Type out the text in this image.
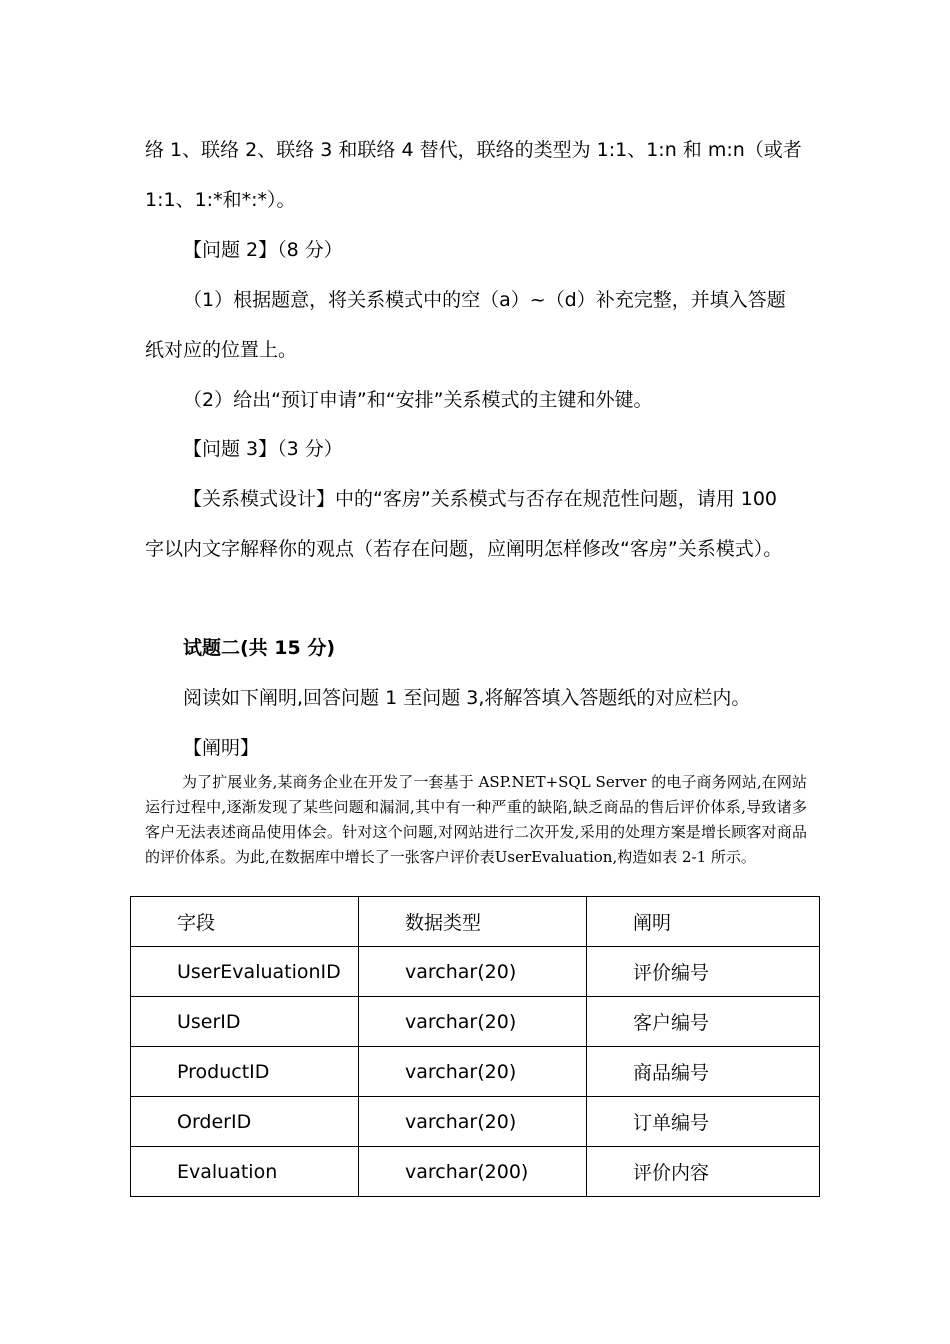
络 1、联络 2、联络 3 和联络 4 替代，联络的类型为 1:1、1:n 和 m:n（或者
1:1、1:*和*:*）。
【问题 2】（8 分）
（1）根据题意，将关系模式中的空（a）~（d）补充完整，并填入答题
纸对应的位置上。
（2）给出“预订申请”和“安排”关系模式的主键和外键。
【问题 3】（3 分）
【关系模式设计】中的“客房”关系模式与否存在规范性问题，请用 100
字以内文字解释你的观点（若存在问题，应阐明怎样修改“客房”关系模式）。
试题二(共 15 分)
阅读如下阐明,回答问题 1 至问题 3,将解答填入答题纸的对应栏内。
【阐明】
为了扩展业务,某商务企业在开发了一套基于 ASP.NET+SQL Server 的电子商务网站,在网站运行过程中,逐渐发现了某些问题和漏洞,其中有一种严重的缺陷,缺乏商品的售后评价体系,导致诸多客户无法表述商品使用体会。针对这个问题,对网站进行二次开发,采用的处理方案是增长顾客对商品的评价体系。为此,在数据库中增长了一张客户评价表UserEvaluation,构造如表 2-1 所示。
字段	数据类型	阐明
UserEvaluationID	varchar(20)	评价编号
UserID	varchar(20)	客户编号
ProductID	varchar(20)	商品编号
OrderID	varchar(20)	订单编号
Evaluation	varchar(200)	评价内容
